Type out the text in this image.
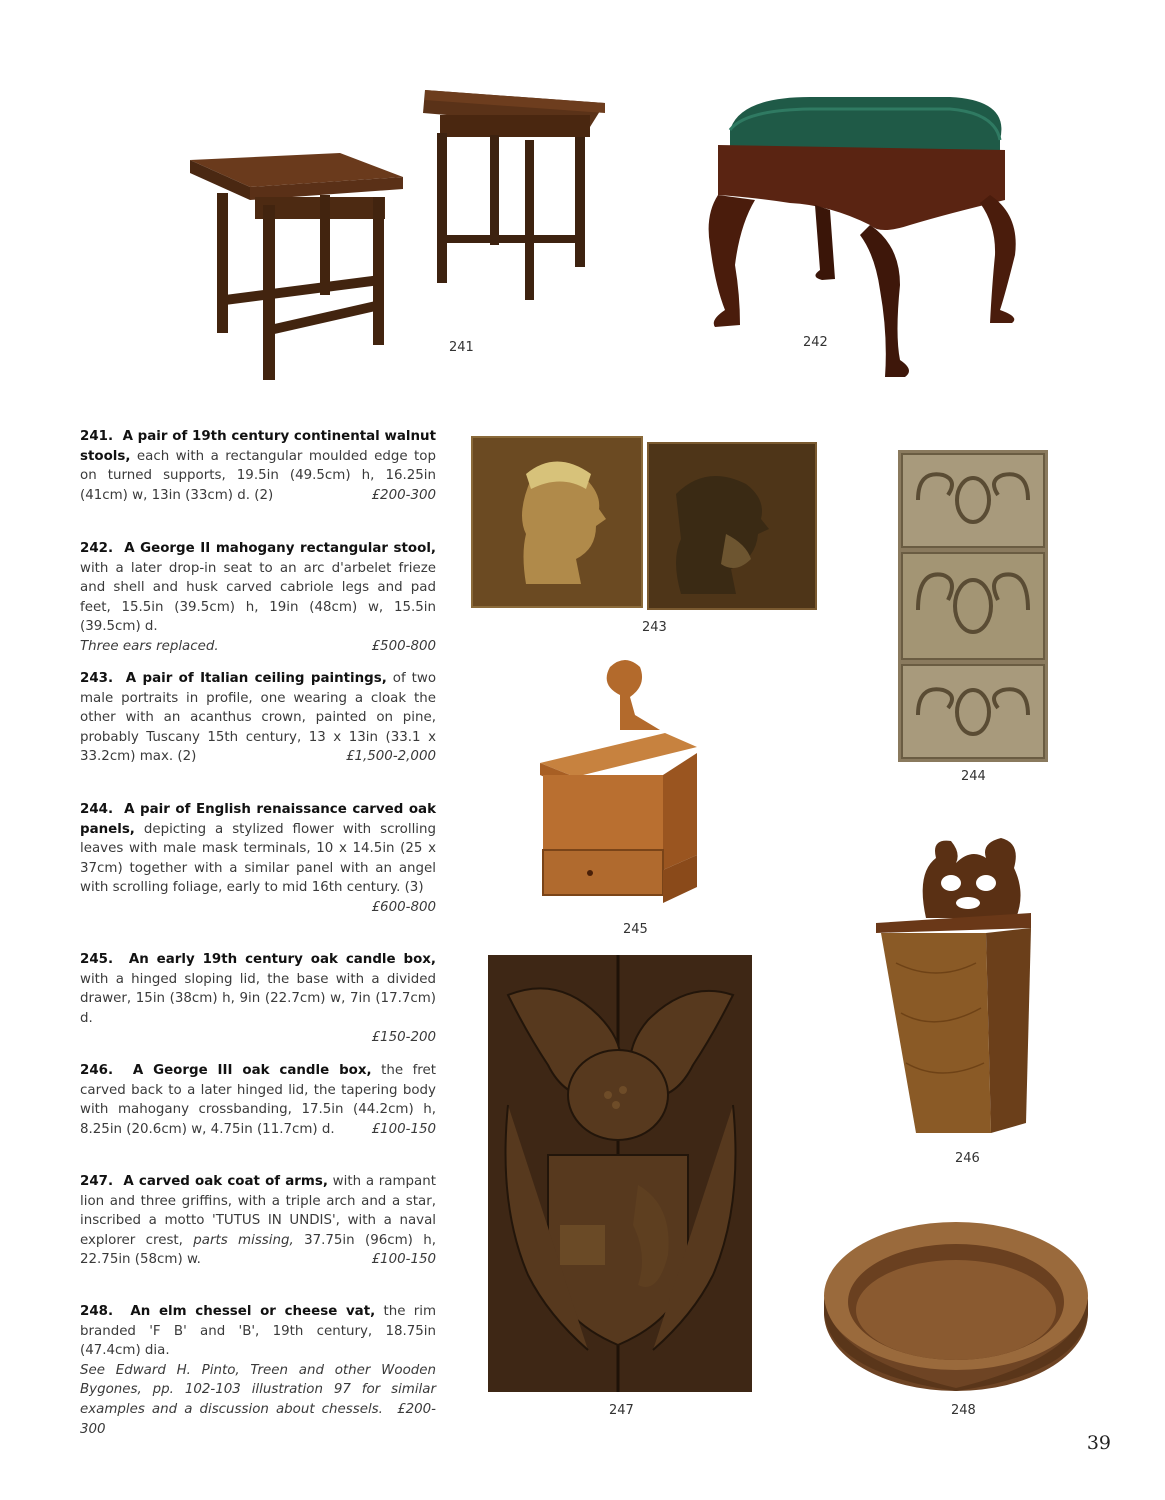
241	242
243
244
245
246
247	248
241. A pair of 19th century continental walnut stools, each with a rectangular moulded edge top on turned supports, 19.5in (49.5cm) h, 16.25in (41cm) w, 13in (33cm) d. (2)	£200-300
242. A George II mahogany rectangular stool, with a later drop-in seat to an arc d'arbelet frieze and shell and husk carved cabriole legs and pad feet, 15.5in (39.5cm) h, 19in (48cm) w, 15.5in (39.5cm) d.
Three ears replaced.	£500-800
243. A pair of Italian ceiling paintings, of two male portraits in profile, one wearing a cloak the other with an acanthus crown, painted on pine, probably Tuscany 15th century, 13 x 13in (33.1 x 33.2cm) max. (2)	£1,500-2,000
244. A pair of English renaissance carved oak panels, depicting a stylized flower with scrolling leaves with male mask terminals, 10 x 14.5in (25 x 37cm) together with a similar panel with an angel with scrolling foliage, early to mid 16th century. (3)
£600-800
245. An early 19th century oak candle box, with a hinged sloping lid, the base with a divided drawer, 15in (38cm) h, 9in (22.7cm) w, 7in (17.7cm) d.
£150-200
246. A George III oak candle box, the fret carved back to a later hinged lid, the tapering body with mahogany crossbanding, 17.5in (44.2cm) h, 8.25in (20.6cm) w, 4.75in (11.7cm) d.	£100-150
247. A carved oak coat of arms, with a rampant lion and three griffins, with a triple arch and a star, inscribed a motto 'TUTUS IN UNDIS', with a naval explorer crest, parts missing, 37.75in (96cm) h, 22.75in (58cm) w.	£100-150
248. An elm chessel or cheese vat, the rim branded 'F B' and 'B', 19th century, 18.75in (47.4cm) dia.
See Edward H. Pinto, Treen and other Wooden Bygones, pp. 102-103 illustration 97 for similar examples and a discussion about chessels. £200-300
39
